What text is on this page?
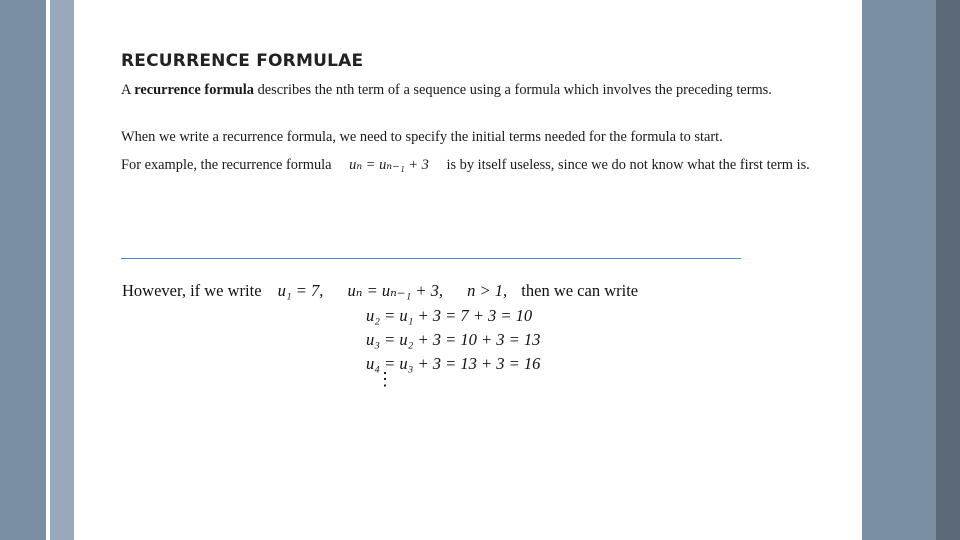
RECURRENCE FORMULAE
A recurrence formula describes the nth term of a sequence using a formula which involves the preceding terms.
When we write a recurrence formula, we need to specify the initial terms needed for the formula to start.
For example, the recurrence formula uₙ = uₙ₋₁ + 3 is by itself useless, since we do not know what the first term is.
However, if we write u₁ = 7, uₙ = uₙ₋₁ + 3, n > 1, then we can write
u₂ = u₁ + 3 = 7 + 3 = 10
u₃ = u₂ + 3 = 10 + 3 = 13
u₄ = u₃ + 3 = 13 + 3 = 16
⋮
